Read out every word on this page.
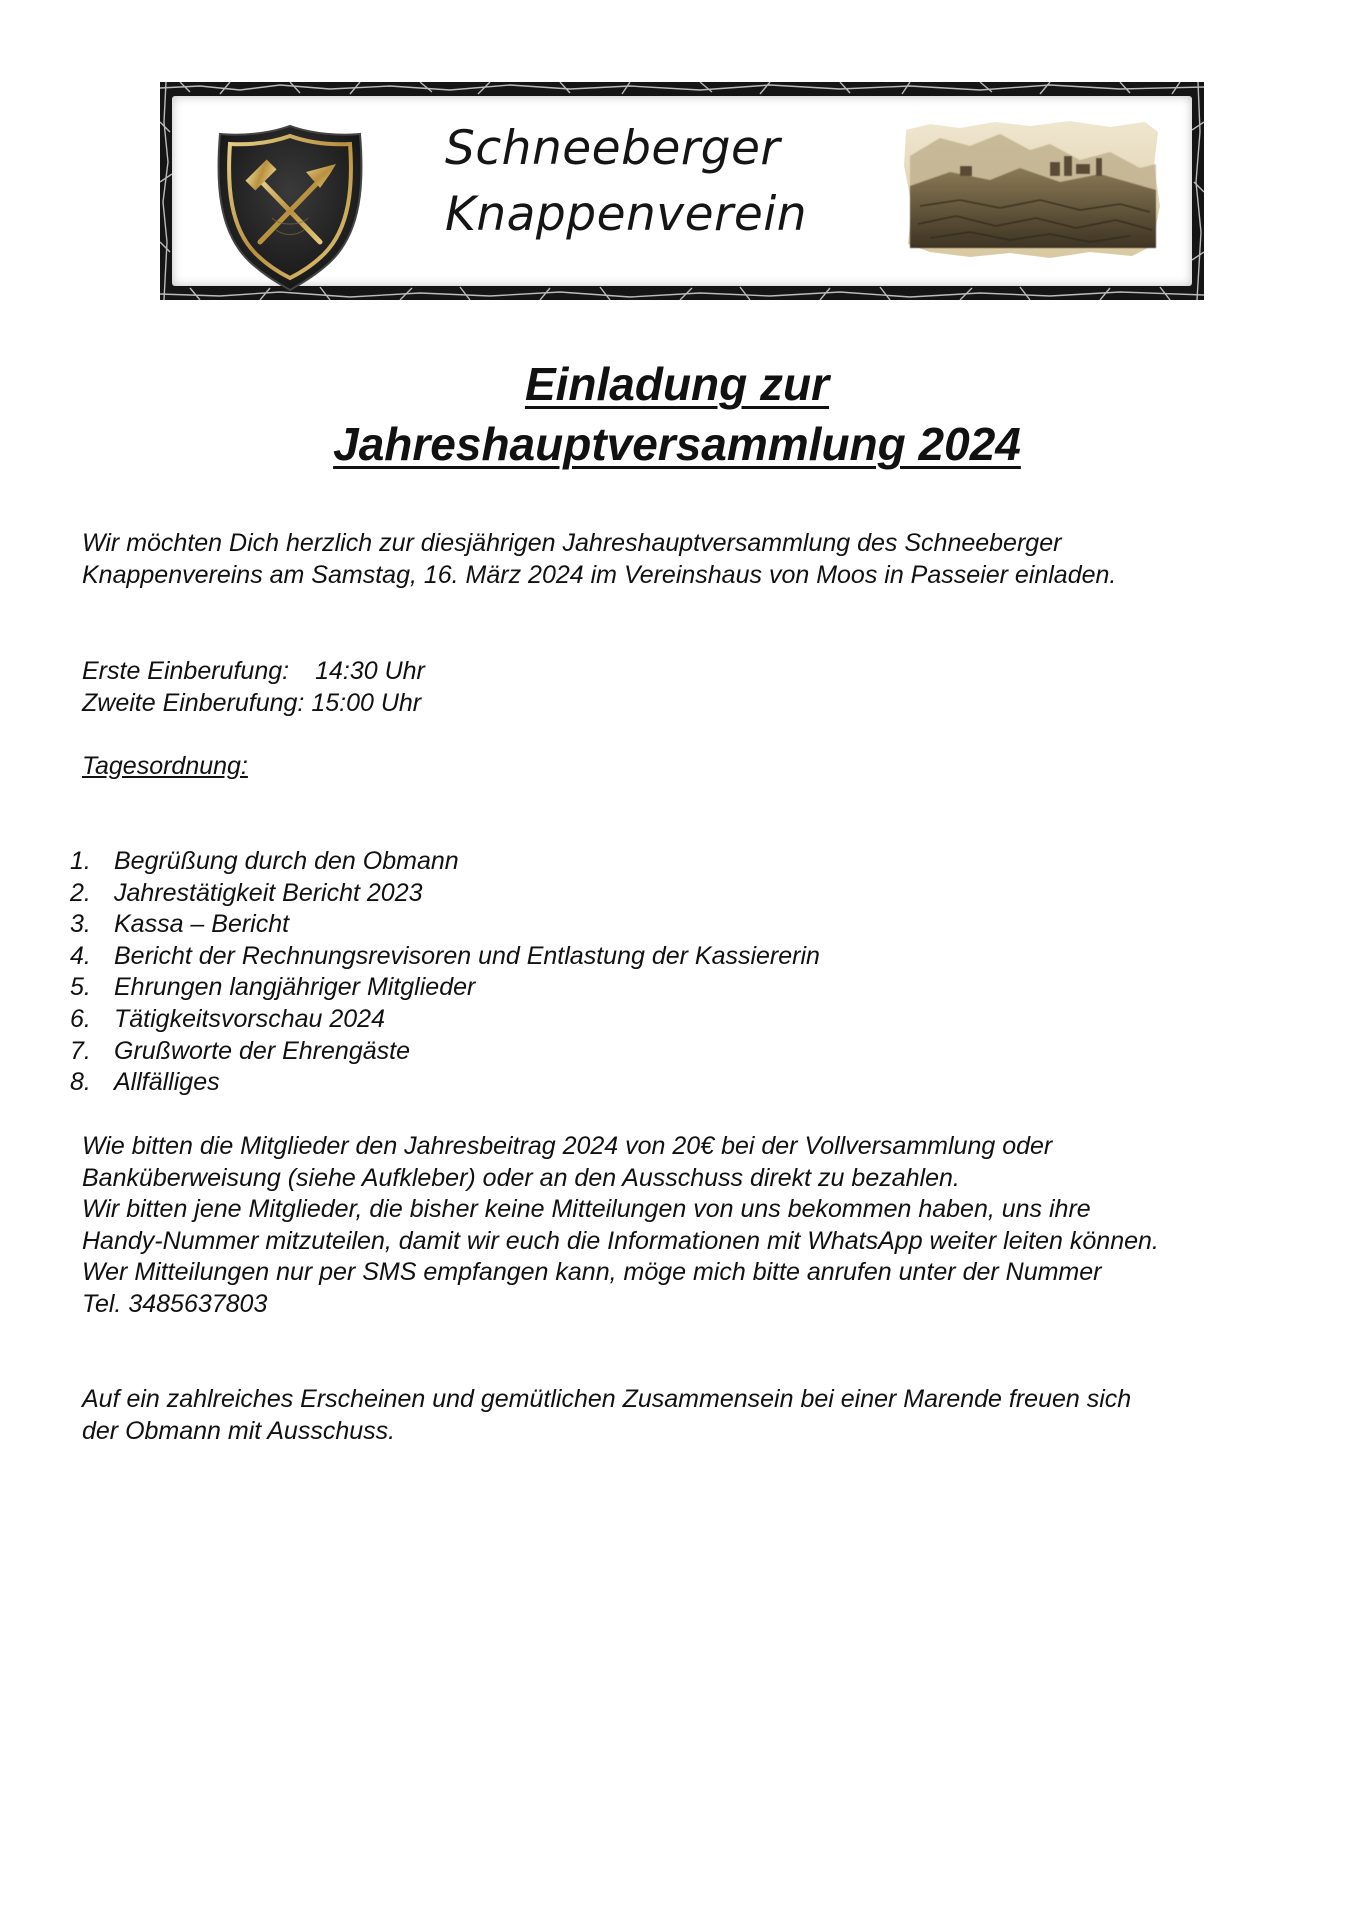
Schneeberger
Knappenverein
Einladung zur
Jahreshauptversammlung 2024

Wir möchten Dich herzlich zur diesjährigen Jahreshauptversammlung des Schneeberger

Knappenvereins am Samstag, 16. März 2024 im Vereinshaus von Moos in Passeier einladen.

Erste Einberufung: 14:30 Uhr
Zweite Einberufung: 15:00 Uhr
Tagesordnung:
1. Begrüßung durch den Obmann
2. Jahrestätigkeit Bericht 2023
3. Kassa – Bericht
4. Bericht der Rechnungsrevisoren und Entlastung der Kassiererin
5. Ehrungen langjähriger Mitglieder
6. Tätigkeitsvorschau 2024
7. Grußworte der Ehrengäste
8. Allfälliges

Wie bitten die Mitglieder den Jahresbeitrag 2024 von 20€ bei der Vollversammlung oder

Banküberweisung (siehe Aufkleber) oder an den Ausschuss direkt zu bezahlen.

Wir bitten jene Mitglieder, die bisher keine Mitteilungen von uns bekommen haben, uns ihre

Handy-Nummer mitzuteilen, damit wir euch die Informationen mit WhatsApp weiter leiten können.

Wer Mitteilungen nur per SMS empfangen kann, möge mich bitte anrufen unter der Nummer

Tel. 3485637803

Auf ein zahlreiches Erscheinen und gemütlichen Zusammensein bei einer Marende freuen sich

der Obmann mit Ausschuss.
